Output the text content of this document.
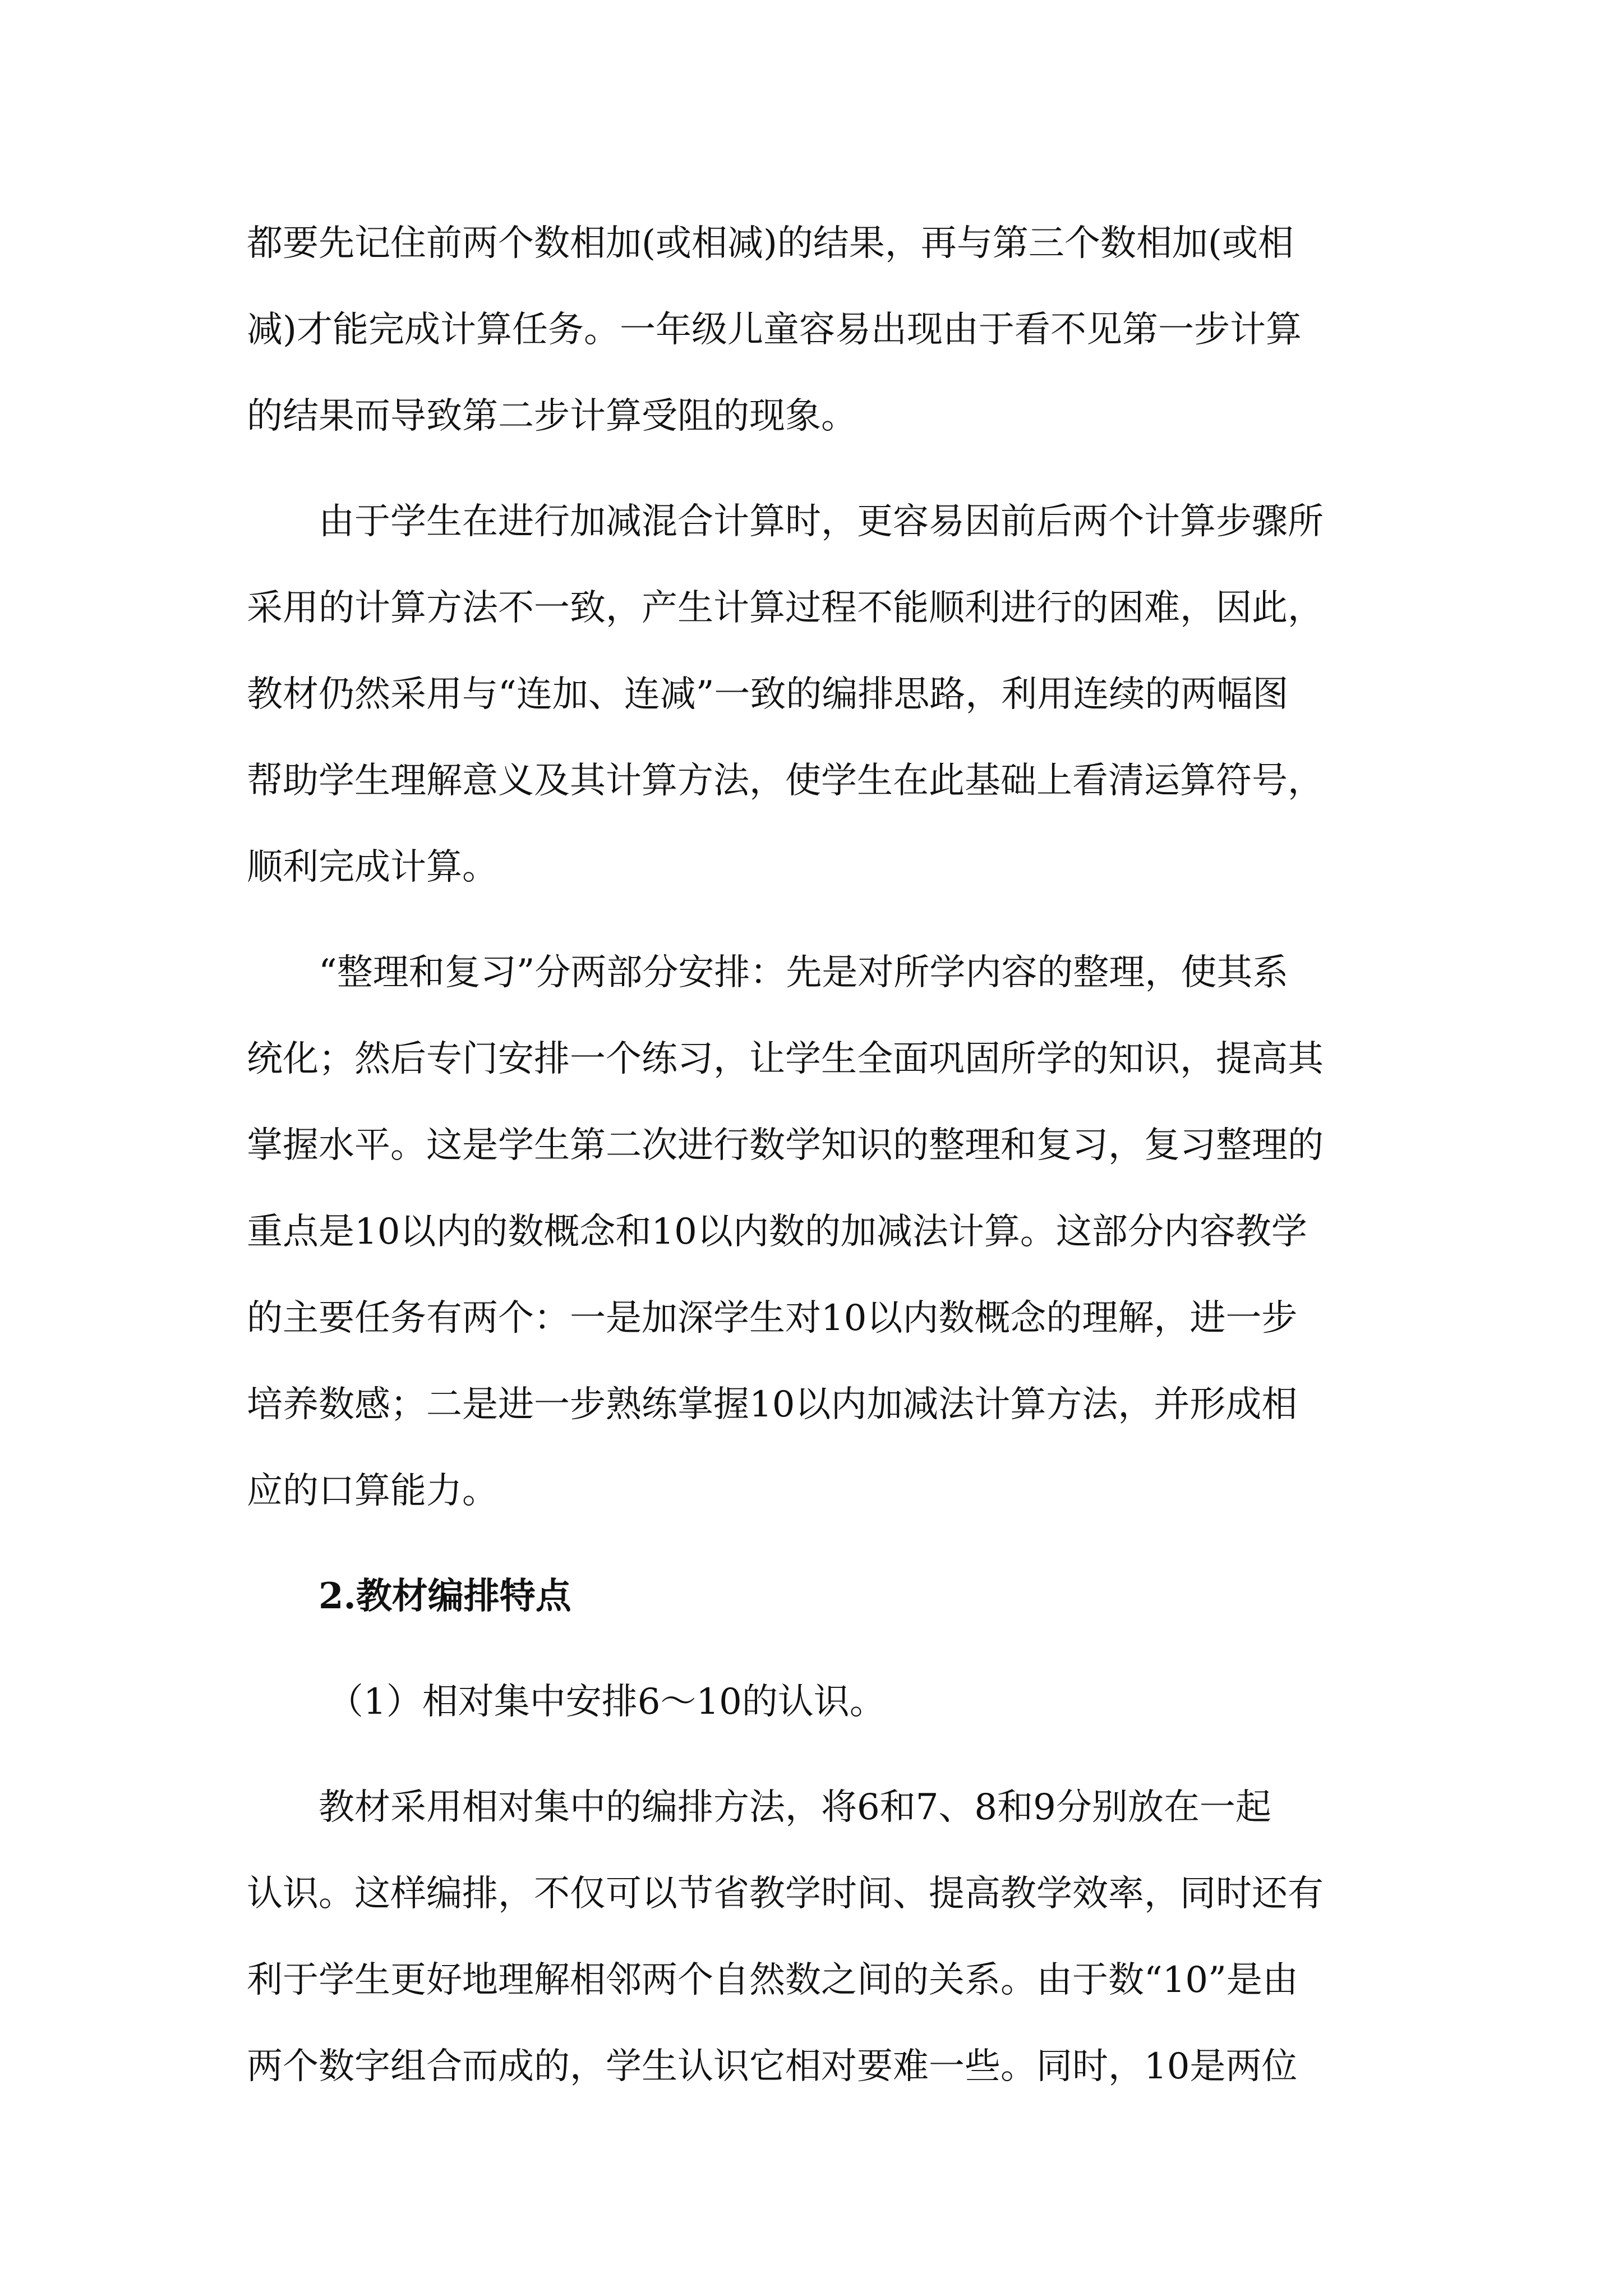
都要先记住前两个数相加(或相减)的结果，再与第三个数相加(或相
减)才能完成计算任务。一年级儿童容易出现由于看不见第一步计算
的结果而导致第二步计算受阻的现象。
由于学生在进行加减混合计算时，更容易因前后两个计算步骤所
采用的计算方法不一致，产生计算过程不能顺利进行的困难，因此，
教材仍然采用与“连加、连减”一致的编排思路，利用连续的两幅图
帮助学生理解意义及其计算方法，使学生在此基础上看清运算符号，
顺利完成计算。
“整理和复习”分两部分安排：先是对所学内容的整理，使其系
统化；然后专门安排一个练习，让学生全面巩固所学的知识，提高其
掌握水平。这是学生第二次进行数学知识的整理和复习，复习整理的
重点是10以内的数概念和10以内数的加减法计算。这部分内容教学
的主要任务有两个：一是加深学生对10以内数概念的理解，进一步
培养数感；二是进一步熟练掌握10以内加减法计算方法，并形成相
应的口算能力。
2.教材编排特点
（1）相对集中安排6～10的认识。
教材采用相对集中的编排方法，将6和7、8和9分别放在一起
认识。这样编排，不仅可以节省教学时间、提高教学效率，同时还有
利于学生更好地理解相邻两个自然数之间的关系。由于数“10”是由
两个数字组合而成的，学生认识它相对要难一些。同时，10是两位
